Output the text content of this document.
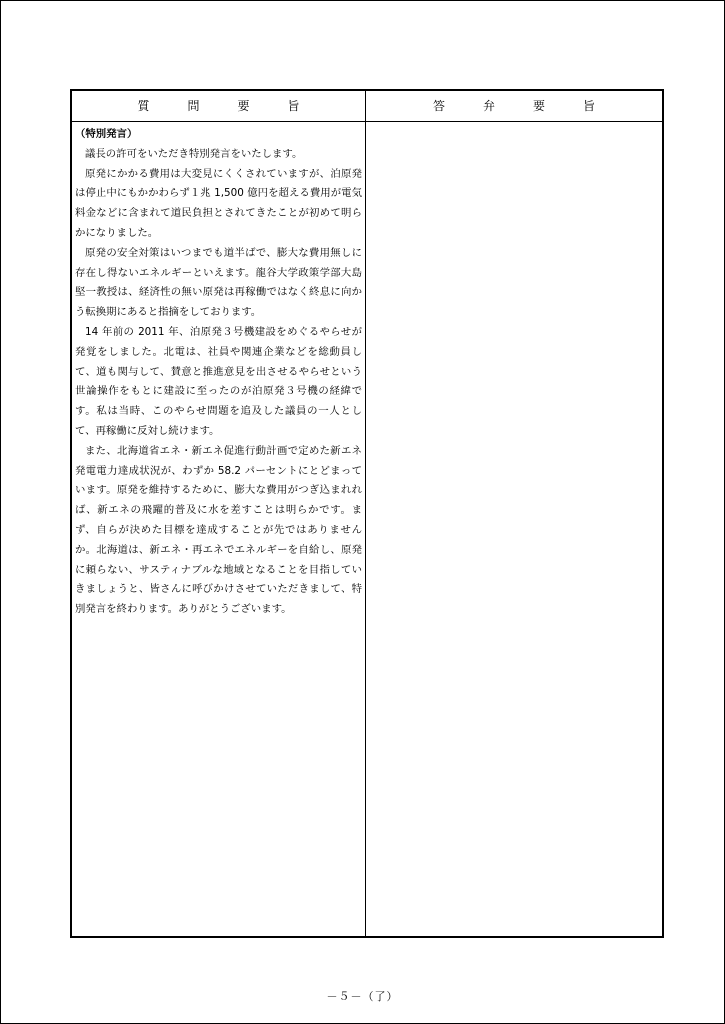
質問要旨	答弁要旨

（特別発言）

議長の許可をいただき特別発言をいたします。

原発にかかる費用は大変見にくくされていますが、泊原発は停止中にもかかわらず１兆 1,500 億円を超える費用が電気料金などに含まれて道民負担とされてきたことが初めて明らかになりました。

原発の安全対策はいつまでも道半ばで、膨大な費用無しに存在し得ないエネルギーといえます。龍谷大学政策学部大島堅一教授は、経済性の無い原発は再稼働ではなく終息に向かう転換期にあると指摘をしております。

14 年前の 2011 年、泊原発３号機建設をめぐるやらせが発覚をしました。北電は、社員や関連企業などを総動員して、道も関与して、賛意と推進意見を出させるやらせという世論操作をもとに建設に至ったのが泊原発３号機の経緯です。私は当時、このやらせ問題を追及した議員の一人として、再稼働に反対し続けます。

また、北海道省エネ・新エネ促進行動計画で定めた新エネ発電電力達成状況が、わずか 58.2 パーセントにとどまっています。原発を維持するために、膨大な費用がつぎ込まれれば、新エネの飛躍的普及に水を差すことは明らかです。まず、自らが決めた目標を達成することが先ではありませんか。北海道は、新エネ・再エネでエネルギーを自給し、原発に頼らない、サスティナブルな地域となることを目指していきましょうと、皆さんに呼びかけさせていただきまして、特別発言を終わります。ありがとうございます。

－５－（了）
